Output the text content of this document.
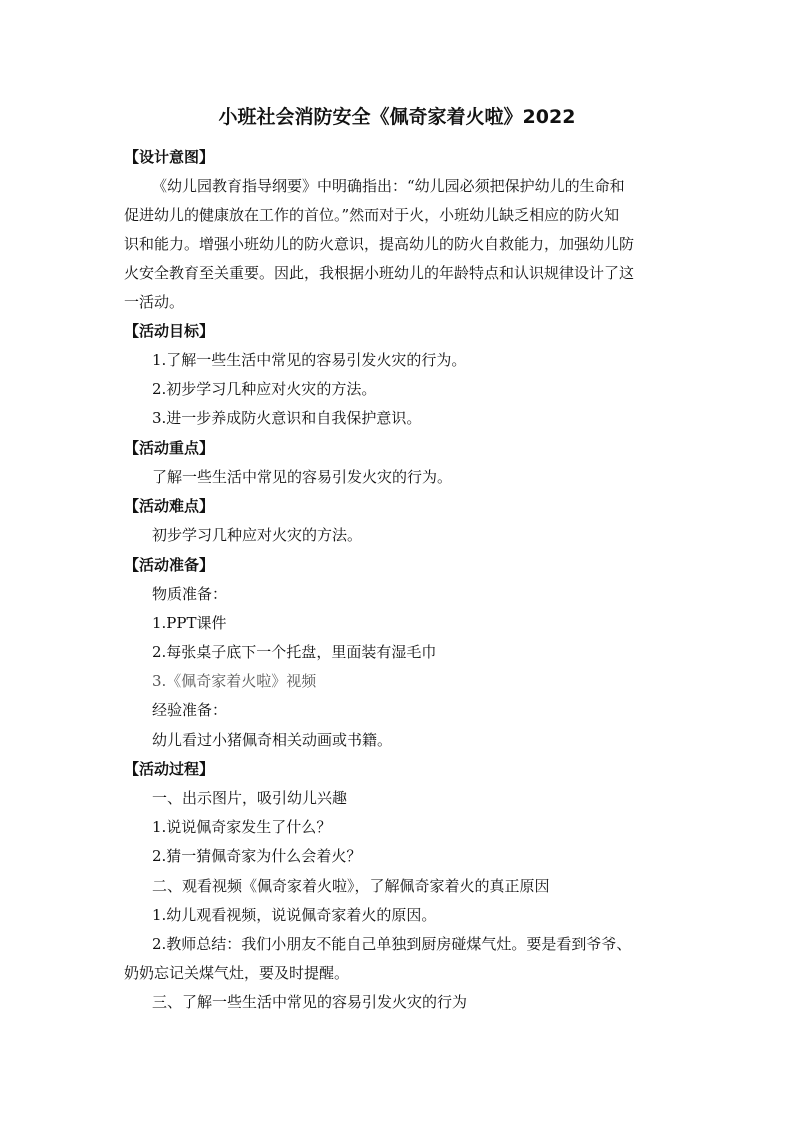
小班社会消防安全《佩奇家着火啦》2022
【设计意图】
《幼儿园教育指导纲要》中明确指出：“幼儿园必须把保护幼儿的生命和
促进幼儿的健康放在工作的首位。”然而对于火，小班幼儿缺乏相应的防火知
识和能力。增强小班幼儿的防火意识，提高幼儿的防火自救能力，加强幼儿防
火安全教育至关重要。因此，我根据小班幼儿的年龄特点和认识规律设计了这
一活动。
【活动目标】
1.了解一些生活中常见的容易引发火灾的行为。
2.初步学习几种应对火灾的方法。
3.进一步养成防火意识和自我保护意识。
【活动重点】
了解一些生活中常见的容易引发火灾的行为。
【活动难点】
初步学习几种应对火灾的方法。
【活动准备】
物质准备：
1.PPT课件
2.每张桌子底下一个托盘，里面装有湿毛巾
3.《佩奇家着火啦》视频
经验准备：
幼儿看过小猪佩奇相关动画或书籍。
【活动过程】
一、出示图片，吸引幼儿兴趣
1.说说佩奇家发生了什么？
2.猜一猜佩奇家为什么会着火？
二、观看视频《佩奇家着火啦》，了解佩奇家着火的真正原因
1.幼儿观看视频，说说佩奇家着火的原因。
2.教师总结：我们小朋友不能自己单独到厨房碰煤气灶。要是看到爷爷、
奶奶忘记关煤气灶，要及时提醒。
三、了解一些生活中常见的容易引发火灾的行为
